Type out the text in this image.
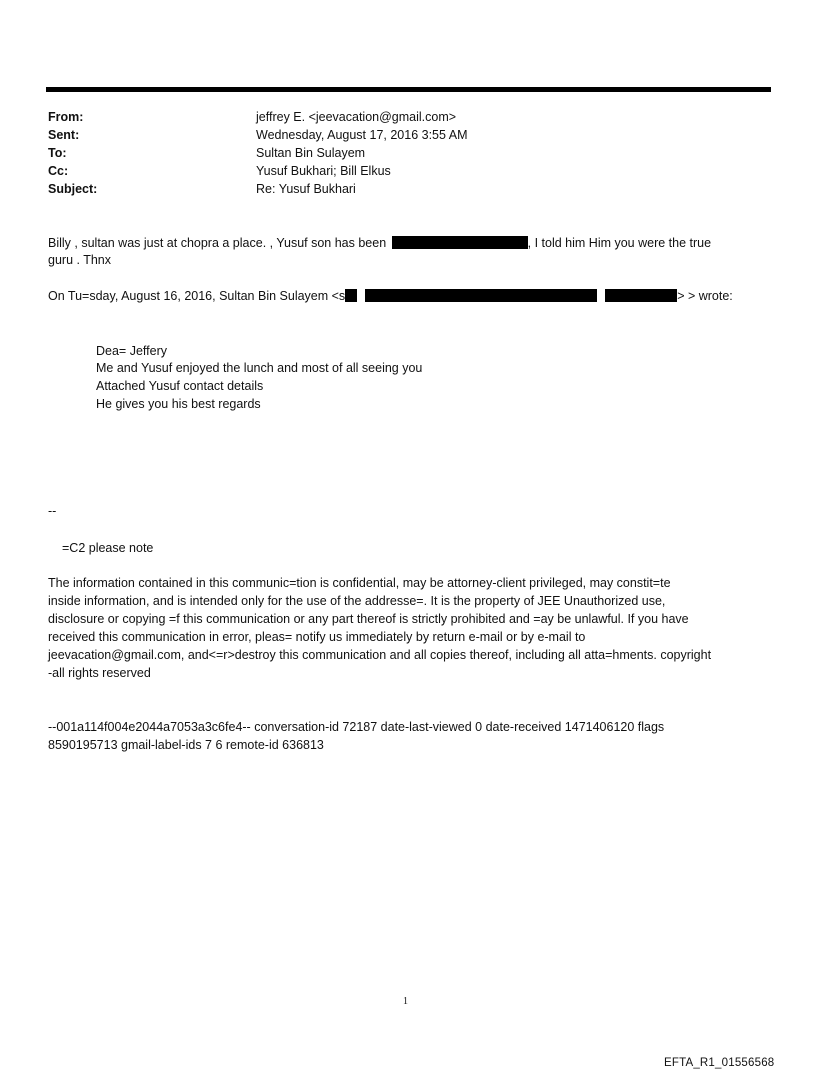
From:	jeffrey E. <jeevacation@gmail.com>
Sent:	Wednesday, August 17, 2016 3:55 AM
To:	Sultan Bin Sulayem
Cc:	Yusuf Bukhari; Bill Elkus
Subject:	Re: Yusuf Bukhari
Billy , sultan was just at chopra a place. , Yusuf son has been	, I told him Him you were the true
guru . Thnx
On Tu=sday, August 16, 2016, Sultan Bin Sulayem <s	> > wrote:
Dea= Jeffery
Me and Yusuf enjoyed the lunch and most of all seeing you
Attached Yusuf contact details
He gives you his best regards
--
=C2 please note
The information contained in this communic=tion is confidential, may be attorney-client privileged, may constit=te
inside information, and is intended only for the use of the addresse=. It is the property of JEE Unauthorized use,
disclosure or copying =f this communication or any part thereof is strictly prohibited and =ay be unlawful. If you have
received this communication in error, pleas= notify us immediately by return e-mail or by e-mail to
jeevacation@gmail.com, and<=r>destroy this communication and all copies thereof, including all atta=hments. copyright
-all rights reserved
--001a114f004e2044a7053a3c6fe4-- conversation-id 72187 date-last-viewed 0 date-received 1471406120 flags
8590195713 gmail-label-ids 7 6 remote-id 636813
1
EFTA_R1_01556568
